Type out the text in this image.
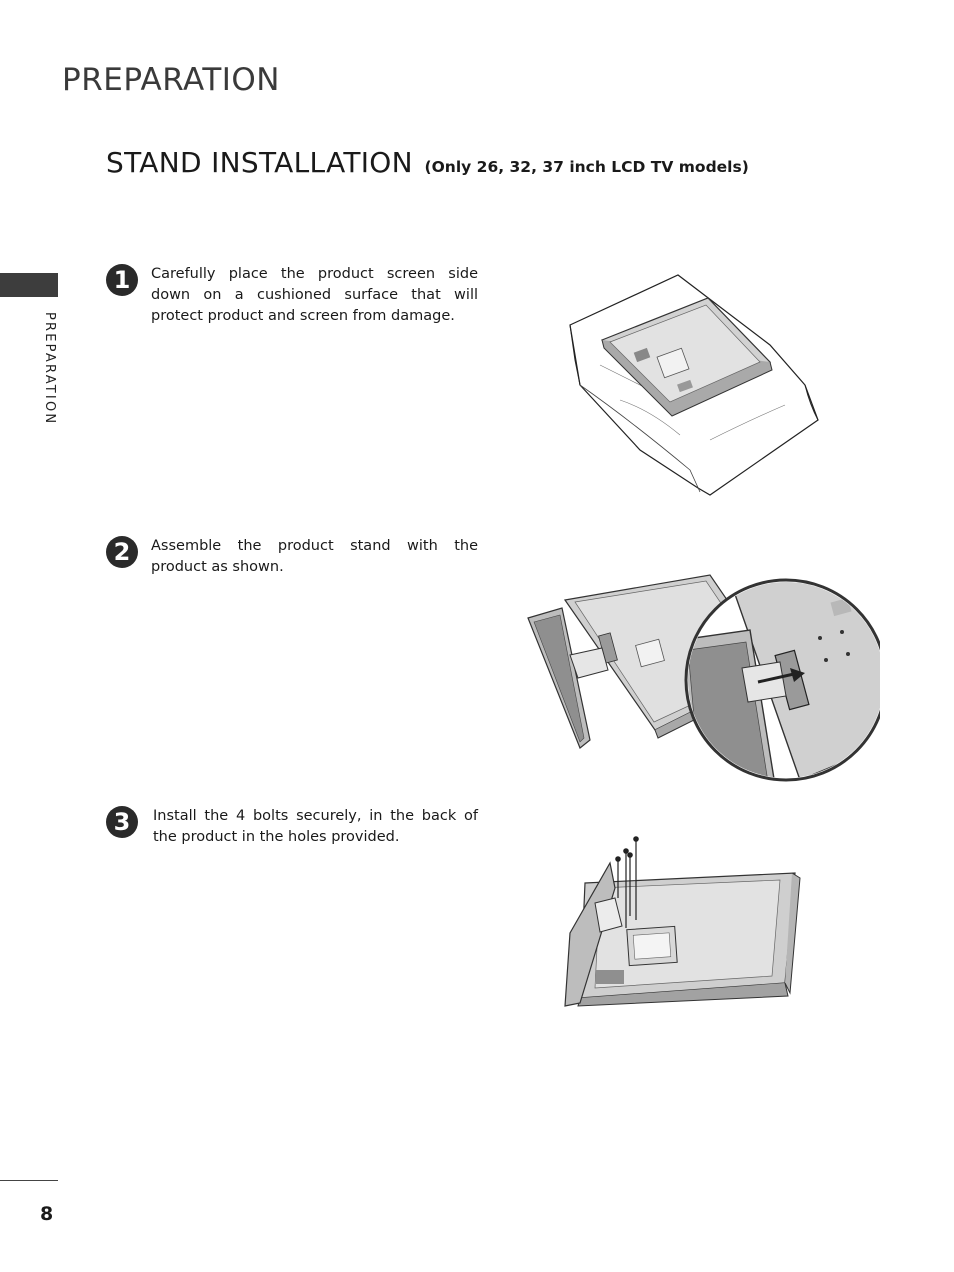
PREPARATION
STAND INSTALLATION (Only 26, 32, 37 inch LCD TV models)
PREPARATION
1	Carefully place the product screen side down on a cushioned surface that will protect product and screen from damage.
2	Assemble the product stand with the product as shown.
3	Install the 4 bolts securely, in the back of the product in the holes provided.
8
